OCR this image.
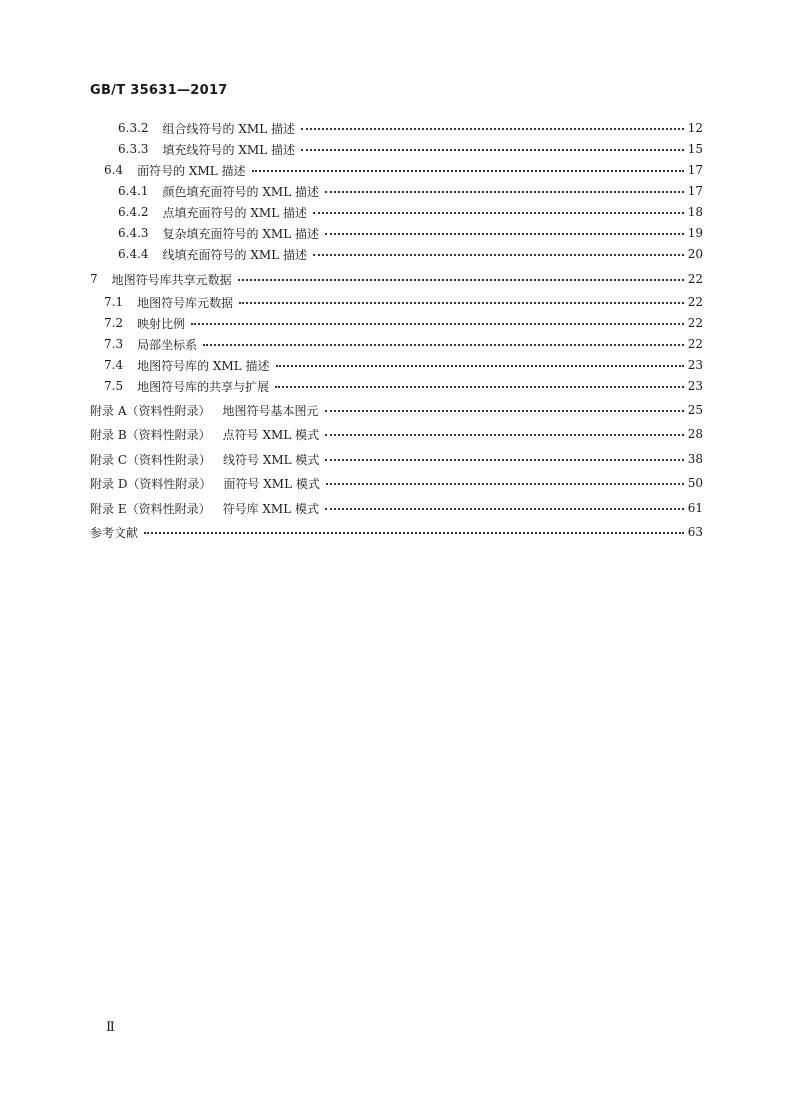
GB/T 35631—2017
6.3.2 组合线符号的 XML 描述	12
6.3.3 填充线符号的 XML 描述	15
6.4 面符号的 XML 描述	17
6.4.1 颜色填充面符号的 XML 描述	17
6.4.2 点填充面符号的 XML 描述	18
6.4.3 复杂填充面符号的 XML 描述	19
6.4.4 线填充面符号的 XML 描述	20
7 地图符号库共享元数据	22
7.1 地图符号库元数据	22
7.2 映射比例	22
7.3 局部坐标系	22
7.4 地图符号库的 XML 描述	23
7.5 地图符号库的共享与扩展	23
附录 A（资料性附录） 地图符号基本图元	25
附录 B（资料性附录） 点符号 XML 模式	28
附录 C（资料性附录） 线符号 XML 模式	38
附录 D（资料性附录） 面符号 XML 模式	50
附录 E（资料性附录） 符号库 XML 模式	61
参考文献	63
Ⅱ
